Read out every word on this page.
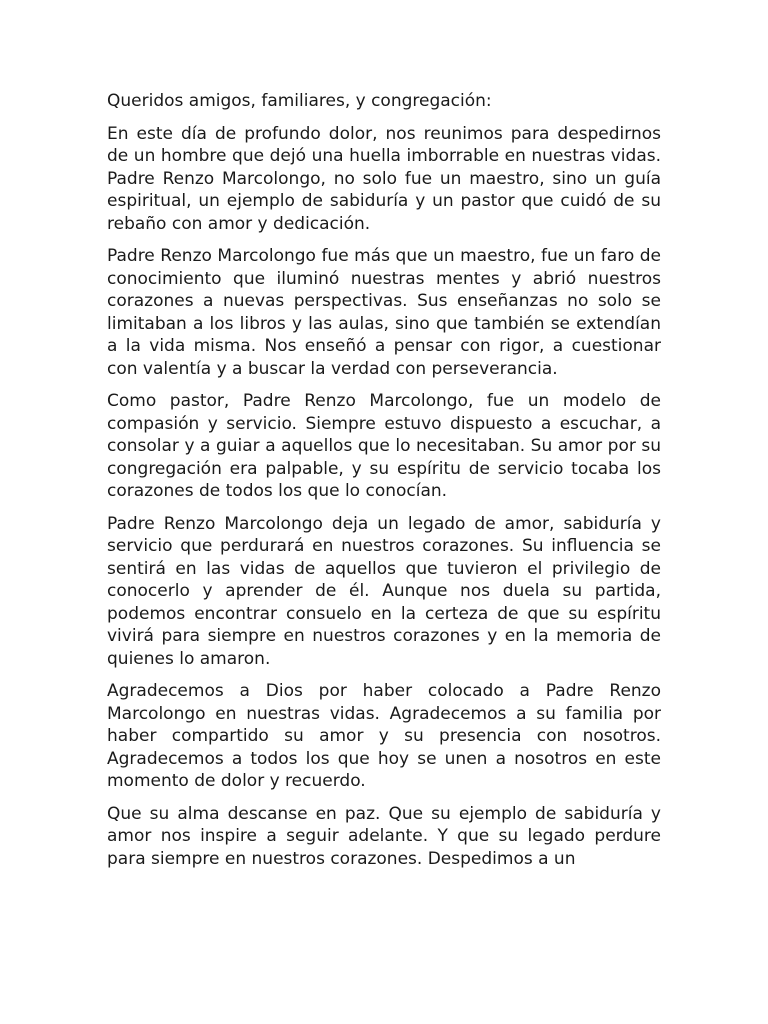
Queridos amigos, familiares, y congregación:

En este día de profundo dolor, nos reunimos para despedirnos de un hombre que dejó una huella imborrable en nuestras vidas. Padre Renzo Marcolongo, no solo fue un maestro, sino un guía espiritual, un ejemplo de sabiduría y un pastor que cuidó de su rebaño con amor y dedicación.

Padre Renzo Marcolongo fue más que un maestro, fue un faro de conocimiento que iluminó nuestras mentes y abrió nuestros corazones a nuevas perspectivas. Sus enseñanzas no solo se limitaban a los libros y las aulas, sino que también se extendían a la vida misma. Nos enseñó a pensar con rigor, a cuestionar con valentía y a buscar la verdad con perseverancia.

Como pastor, Padre Renzo Marcolongo, fue un modelo de compasión y servicio. Siempre estuvo dispuesto a escuchar, a consolar y a guiar a aquellos que lo necesitaban. Su amor por su congregación era palpable, y su espíritu de servicio tocaba los corazones de todos los que lo conocían.

Padre Renzo Marcolongo deja un legado de amor, sabiduría y servicio que perdurará en nuestros corazones. Su influencia se sentirá en las vidas de aquellos que tuvieron el privilegio de conocerlo y aprender de él. Aunque nos duela su partida, podemos encontrar consuelo en la certeza de que su espíritu vivirá para siempre en nuestros corazones y en la memoria de quienes lo amaron.

Agradecemos a Dios por haber colocado a Padre Renzo Marcolongo en nuestras vidas. Agradecemos a su familia por haber compartido su amor y su presencia con nosotros. Agradecemos a todos los que hoy se unen a nosotros en este momento de dolor y recuerdo.

Que su alma descanse en paz. Que su ejemplo de sabiduría y amor nos inspire a seguir adelante. Y que su legado perdure para siempre en nuestros corazones. Despedimos a un
